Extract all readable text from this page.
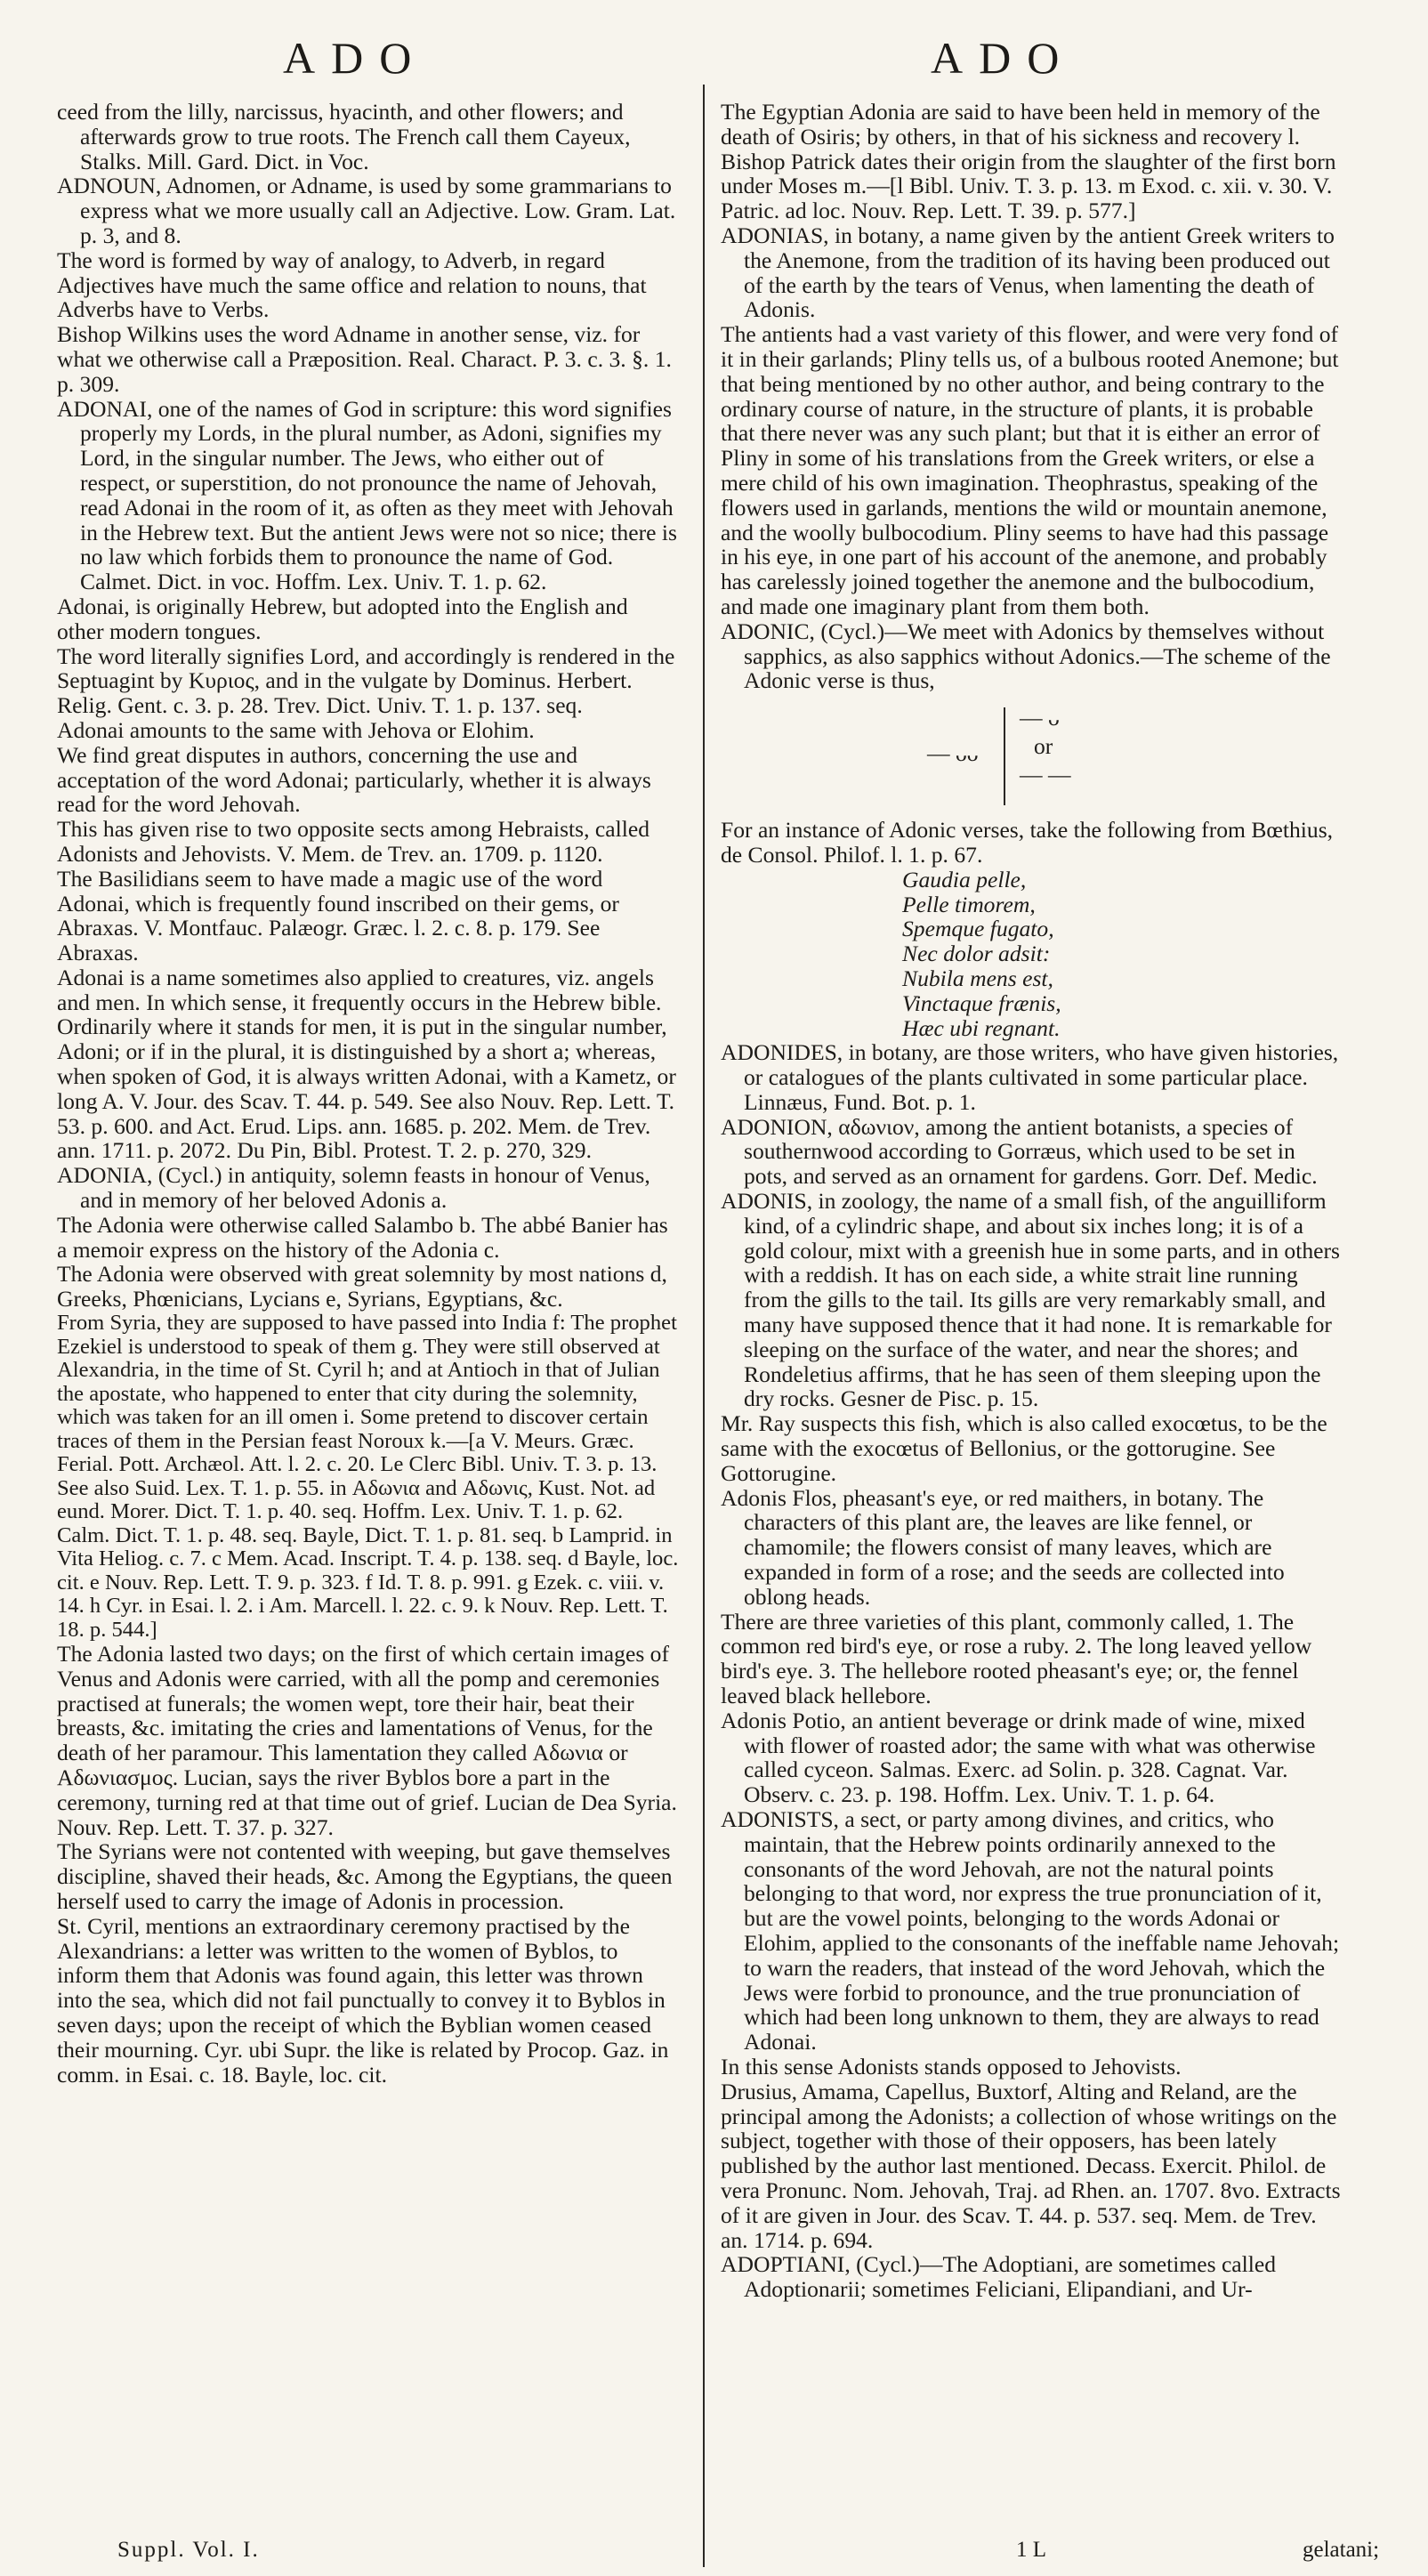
ADO	ADO

ceed from the lilly, narcissus, hyacinth, and other flowers; and afterwards grow to true roots. The French call them Cayeux, Stalks. Mill. Gard. Dict. in Voc.

ADNOUN, Adnomen, or Adname, is used by some grammarians to express what we more usually call an Adjective. Low. Gram. Lat. p. 3, and 8.

The word is formed by way of analogy, to Adverb, in regard Adjectives have much the same office and relation to nouns, that Adverbs have to Verbs.

Bishop Wilkins uses the word Adname in another sense, viz. for what we otherwise call a Præposition. Real. Charact. P. 3. c. 3. §. 1. p. 309.

ADONAI, one of the names of God in scripture: this word signifies properly my Lords, in the plural number, as Adoni, signifies my Lord, in the singular number. The Jews, who either out of respect, or superstition, do not pronounce the name of Jehovah, read Adonai in the room of it, as often as they meet with Jehovah in the Hebrew text. But the antient Jews were not so nice; there is no law which forbids them to pronounce the name of God. Calmet. Dict. in voc. Hoffm. Lex. Univ. T. 1. p. 62.

Adonai, is originally Hebrew, but adopted into the English and other modern tongues.

The word literally signifies Lord, and accordingly is rendered in the Septuagint by Κυριος, and in the vulgate by Dominus. Herbert. Relig. Gent. c. 3. p. 28. Trev. Dict. Univ. T. 1. p. 137. seq.

Adonai amounts to the same with Jehova or Elohim.

We find great disputes in authors, concerning the use and acceptation of the word Adonai; particularly, whether it is always read for the word Jehovah.

This has given rise to two opposite sects among Hebraists, called Adonists and Jehovists. V. Mem. de Trev. an. 1709. p. 1120.

The Basilidians seem to have made a magic use of the word Adonai, which is frequently found inscribed on their gems, or Abraxas. V. Montfauc. Palæogr. Græc. l. 2. c. 8. p. 179. See Abraxas.

Adonai is a name sometimes also applied to creatures, viz. angels and men. In which sense, it frequently occurs in the Hebrew bible.

Ordinarily where it stands for men, it is put in the singular number, Adoni; or if in the plural, it is distinguished by a short a; whereas, when spoken of God, it is always written Adonai, with a Kametz, or long A. V. Jour. des Scav. T. 44. p. 549. See also Nouv. Rep. Lett. T. 53. p. 600. and Act. Erud. Lips. ann. 1685. p. 202. Mem. de Trev. ann. 1711. p. 2072. Du Pin, Bibl. Protest. T. 2. p. 270, 329.

ADONIA, (Cycl.) in antiquity, solemn feasts in honour of Venus, and in memory of her beloved Adonis a.

The Adonia were otherwise called Salambo b. The abbé Banier has a memoir express on the history of the Adonia c.

The Adonia were observed with great solemnity by most nations d, Greeks, Phœnicians, Lycians e, Syrians, Egyptians, &c.

From Syria, they are supposed to have passed into India f: The prophet Ezekiel is understood to speak of them g. They were still observed at Alexandria, in the time of St. Cyril h; and at Antioch in that of Julian the apostate, who happened to enter that city during the solemnity, which was taken for an ill omen i. Some pretend to discover certain traces of them in the Persian feast Noroux k.—[a V. Meurs. Græc. Ferial. Pott. Archæol. Att. l. 2. c. 20. Le Clerc Bibl. Univ. T. 3. p. 13. See also Suid. Lex. T. 1. p. 55. in Αδωνια and Αδωνις, Kust. Not. ad eund. Morer. Dict. T. 1. p. 40. seq. Hoffm. Lex. Univ. T. 1. p. 62. Calm. Dict. T. 1. p. 48. seq. Bayle, Dict. T. 1. p. 81. seq. b Lamprid. in Vita Heliog. c. 7. c Mem. Acad. Inscript. T. 4. p. 138. seq. d Bayle, loc. cit. e Nouv. Rep. Lett. T. 9. p. 323. f Id. T. 8. p. 991. g Ezek. c. viii. v. 14. h Cyr. in Esai. l. 2. i Am. Marcell. l. 22. c. 9. k Nouv. Rep. Lett. T. 18. p. 544.]

The Adonia lasted two days; on the first of which certain images of Venus and Adonis were carried, with all the pomp and ceremonies practised at funerals; the women wept, tore their hair, beat their breasts, &c. imitating the cries and lamentations of Venus, for the death of her paramour. This lamentation they called Αδωνια or Αδωνιασμος. Lucian, says the river Byblos bore a part in the ceremony, turning red at that time out of grief. Lucian de Dea Syria. Nouv. Rep. Lett. T. 37. p. 327.

The Syrians were not contented with weeping, but gave themselves discipline, shaved their heads, &c. Among the Egyptians, the queen herself used to carry the image of Adonis in procession.

St. Cyril, mentions an extraordinary ceremony practised by the Alexandrians: a letter was written to the women of Byblos, to inform them that Adonis was found again, this letter was thrown into the sea, which did not fail punctually to convey it to Byblos in seven days; upon the receipt of which the Byblian women ceased their mourning. Cyr. ubi Supr. the like is related by Procop. Gaz. in comm. in Esai. c. 18. Bayle, loc. cit.

The Egyptian Adonia are said to have been held in memory of the death of Osiris; by others, in that of his sickness and recovery l. Bishop Patrick dates their origin from the slaughter of the first born under Moses m.—[l Bibl. Univ. T. 3. p. 13. m Exod. c. xii. v. 30. V. Patric. ad loc. Nouv. Rep. Lett. T. 39. p. 577.]

ADONIAS, in botany, a name given by the antient Greek writers to the Anemone, from the tradition of its having been produced out of the earth by the tears of Venus, when lamenting the death of Adonis.

The antients had a vast variety of this flower, and were very fond of it in their garlands; Pliny tells us, of a bulbous rooted Anemone; but that being mentioned by no other author, and being contrary to the ordinary course of nature, in the structure of plants, it is probable that there never was any such plant; but that it is either an error of Pliny in some of his translations from the Greek writers, or else a mere child of his own imagination. Theophrastus, speaking of the flowers used in garlands, mentions the wild or mountain anemone, and the woolly bulbocodium. Pliny seems to have had this passage in his eye, in one part of his account of the anemone, and probably has carelessly joined together the anemone and the bulbocodium, and made one imaginary plant from them both.

ADONIC, (Cycl.)—We meet with Adonics by themselves without sapphics, as also sapphics without Adonics.—The scheme of the Adonic verse is thus,

— ᴗᴗ
— ᴗ
or
— —

For an instance of Adonic verses, take the following from Bœthius, de Consol. Philof. l. 1. p. 67.

Gaudia pelle,

Pelle timorem,

Spemque fugato,

Nec dolor adsit:

Nubila mens est,

Vinctaque frænis,

Hæc ubi regnant.

ADONIDES, in botany, are those writers, who have given histories, or catalogues of the plants cultivated in some particular place. Linnæus, Fund. Bot. p. 1.

ADONION, αδωνιον, among the antient botanists, a species of southernwood according to Gorræus, which used to be set in pots, and served as an ornament for gardens. Gorr. Def. Medic.

ADONIS, in zoology, the name of a small fish, of the anguilliform kind, of a cylindric shape, and about six inches long; it is of a gold colour, mixt with a greenish hue in some parts, and in others with a reddish. It has on each side, a white strait line running from the gills to the tail. Its gills are very remarkably small, and many have supposed thence that it had none. It is remarkable for sleeping on the surface of the water, and near the shores; and Rondeletius affirms, that he has seen of them sleeping upon the dry rocks. Gesner de Pisc. p. 15.

Mr. Ray suspects this fish, which is also called exocœtus, to be the same with the exocœtus of Bellonius, or the gottorugine. See Gottorugine.

Adonis Flos, pheasant's eye, or red maithers, in botany. The characters of this plant are, the leaves are like fennel, or chamomile; the flowers consist of many leaves, which are expanded in form of a rose; and the seeds are collected into oblong heads.

There are three varieties of this plant, commonly called, 1. The common red bird's eye, or rose a ruby. 2. The long leaved yellow bird's eye. 3. The hellebore rooted pheasant's eye; or, the fennel leaved black hellebore.

Adonis Potio, an antient beverage or drink made of wine, mixed with flower of roasted ador; the same with what was otherwise called cyceon. Salmas. Exerc. ad Solin. p. 328. Cagnat. Var. Observ. c. 23. p. 198. Hoffm. Lex. Univ. T. 1. p. 64.

ADONISTS, a sect, or party among divines, and critics, who maintain, that the Hebrew points ordinarily annexed to the consonants of the word Jehovah, are not the natural points belonging to that word, nor express the true pronunciation of it, but are the vowel points, belonging to the words Adonai or Elohim, applied to the consonants of the ineffable name Jehovah; to warn the readers, that instead of the word Jehovah, which the Jews were forbid to pronounce, and the true pronunciation of which had been long unknown to them, they are always to read Adonai.

In this sense Adonists stands opposed to Jehovists.

Drusius, Amama, Capellus, Buxtorf, Alting and Reland, are the principal among the Adonists; a collection of whose writings on the subject, together with those of their opposers, has been lately published by the author last mentioned. Decass. Exercit. Philol. de vera Pronunc. Nom. Jehovah, Traj. ad Rhen. an. 1707. 8vo. Extracts of it are given in Jour. des Scav. T. 44. p. 537. seq. Mem. de Trev. an. 1714. p. 694.

ADOPTIANI, (Cycl.)—The Adoptiani, are sometimes called Adoptionarii; sometimes Feliciani, Elipandiani, and Ur-

Suppl. Vol. I.	1 L	gelatani;
